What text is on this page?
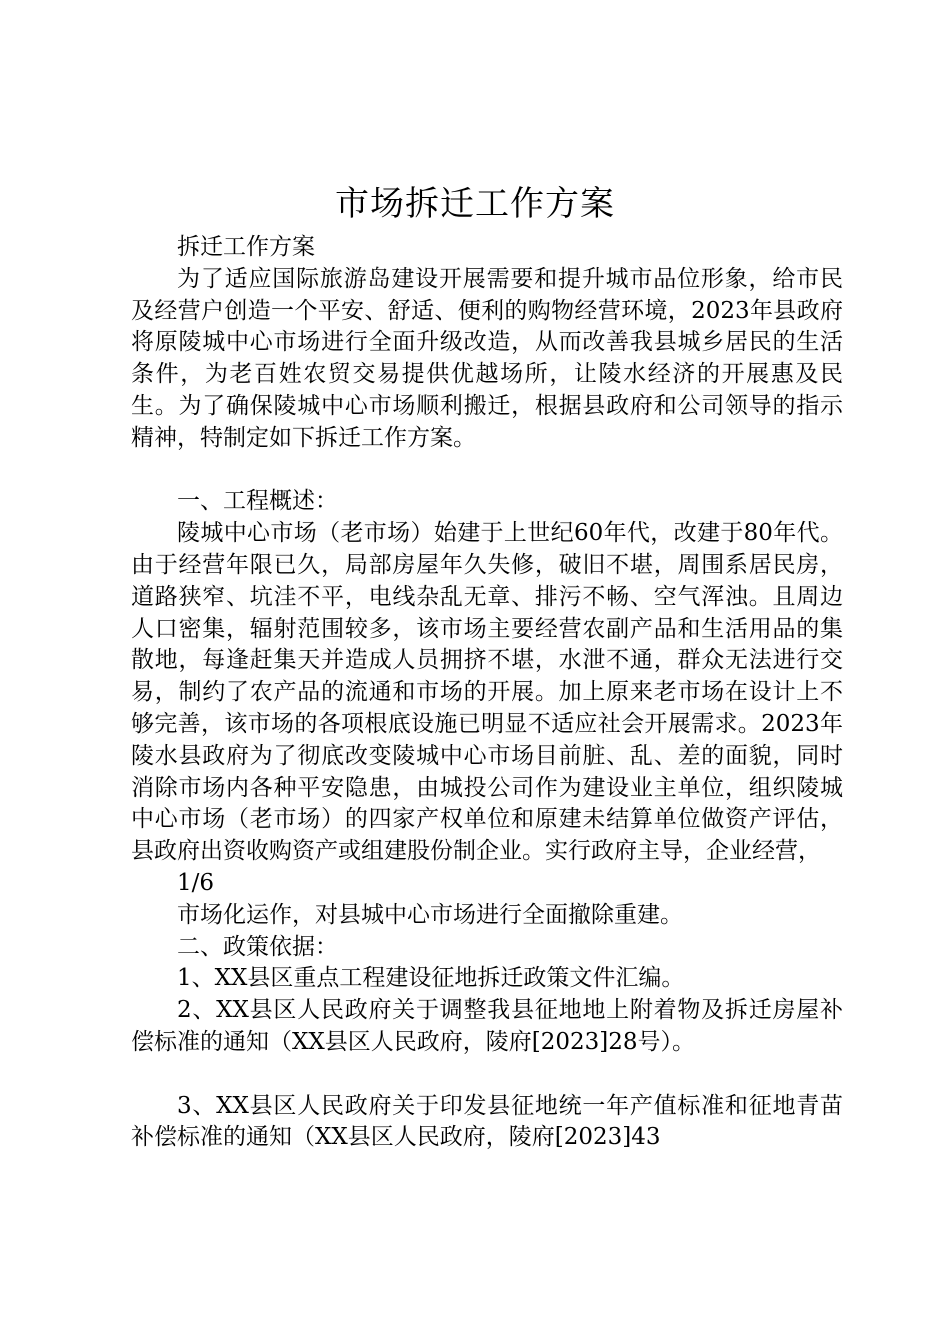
市场拆迁工作方案

拆迁工作方案

为了适应国际旅游岛建设开展需要和提升城市品位形象，给市民及经营户创造一个平安、舒适、便利的购物经营环境，2023年县政府将原陵城中心市场进行全面升级改造，从而改善我县城乡居民的生活条件，为老百姓农贸交易提供优越场所，让陵水经济的开展惠及民生。为了确保陵城中心市场顺利搬迁，根据县政府和公司领导的指示精神，特制定如下拆迁工作方案。

一、工程概述：

陵城中心市场（老市场）始建于上世纪60年代，改建于80年代。由于经营年限已久，局部房屋年久失修，破旧不堪，周围系居民房，道路狭窄、坑洼不平，电线杂乱无章、排污不畅、空气浑浊。且周边人口密集，辐射范围较多，该市场主要经营农副产品和生活用品的集散地，每逢赶集天并造成人员拥挤不堪，水泄不通，群众无法进行交易，制约了农产品的流通和市场的开展。加上原来老市场在设计上不够完善，该市场的各项根底设施已明显不适应社会开展需求。2023年陵水县政府为了彻底改变陵城中心市场目前脏、乱、差的面貌，同时消除市场内各种平安隐患，由城投公司作为建设业主单位，组织陵城中心市场（老市场）的四家产权单位和原建未结算单位做资产评估，县政府出资收购资产或组建股份制企业。实行政府主导，企业经营，

1/6

市场化运作，对县城中心市场进行全面撤除重建。

二、政策依据：

1、XX县区重点工程建设征地拆迁政策文件汇编。

2、XX县区人民政府关于调整我县征地地上附着物及拆迁房屋补偿标准的通知（XX县区人民政府，陵府[2023]28号）。

3、XX县区人民政府关于印发县征地统一年产值标准和征地青苗补偿标准的通知（XX县区人民政府，陵府[2023]43
